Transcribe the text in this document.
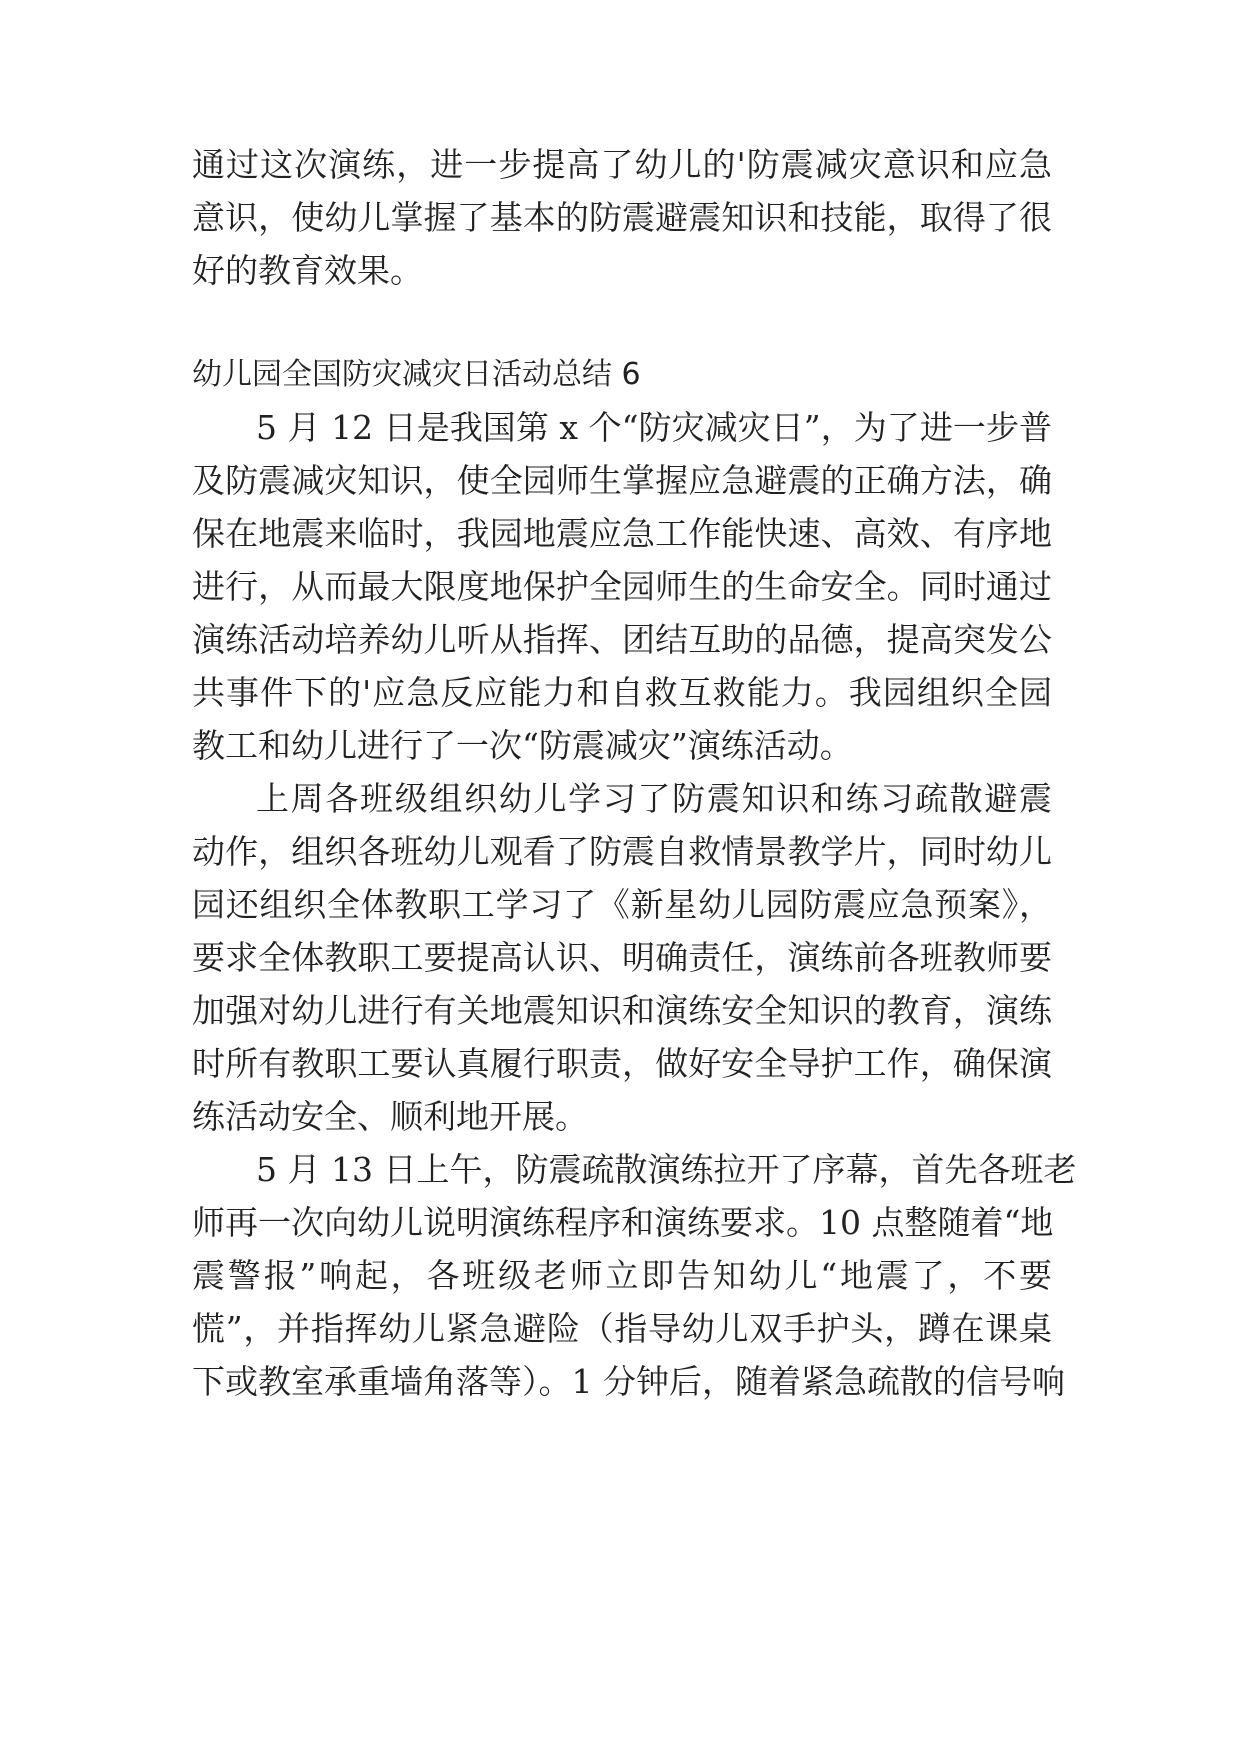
通过这次演练，进一步提高了幼儿的'防震减灾意识和应急
意识，使幼儿掌握了基本的防震避震知识和技能，取得了很
好的教育效果。
幼儿园全国防灾减灾日活动总结 6
5 月 12 日是我国第 x 个“防灾减灾日”，为了进一步普
及防震减灾知识，使全园师生掌握应急避震的正确方法，确
保在地震来临时，我园地震应急工作能快速、高效、有序地
进行，从而最大限度地保护全园师生的生命安全。同时通过
演练活动培养幼儿听从指挥、团结互助的品德，提高突发公
共事件下的'应急反应能力和自救互救能力。我园组织全园
教工和幼儿进行了一次“防震减灾”演练活动。
上周各班级组织幼儿学习了防震知识和练习疏散避震
动作，组织各班幼儿观看了防震自救情景教学片，同时幼儿
园还组织全体教职工学习了《新星幼儿园防震应急预案》，
要求全体教职工要提高认识、明确责任，演练前各班教师要
加强对幼儿进行有关地震知识和演练安全知识的教育，演练
时所有教职工要认真履行职责，做好安全导护工作，确保演
练活动安全、顺利地开展。
5 月 13 日上午，防震疏散演练拉开了序幕，首先各班老
师再一次向幼儿说明演练程序和演练要求。10 点整随着“地
震警报”响起，各班级老师立即告知幼儿“地震了，不要
慌”，并指挥幼儿紧急避险（指导幼儿双手护头，蹲在课桌
下或教室承重墙角落等）。1 分钟后，随着紧急疏散的信号响
